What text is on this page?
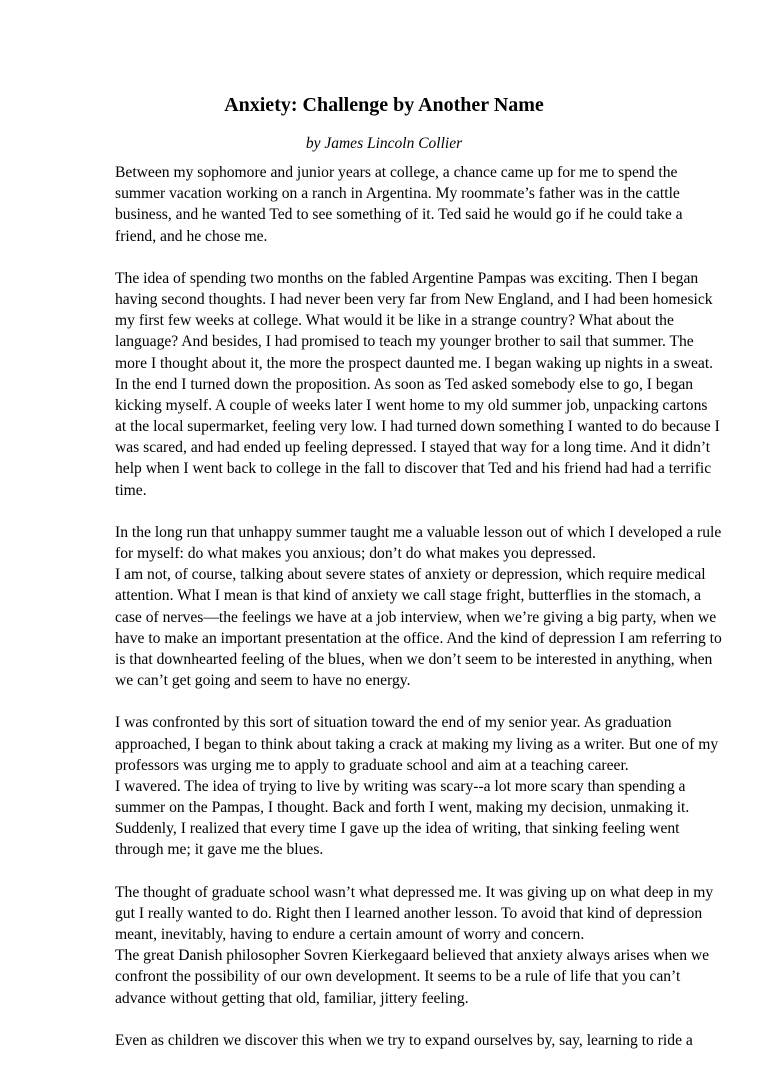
Anxiety: Challenge by Another Name

by James Lincoln Collier

Between my sophomore and junior years at college, a chance came up for me to spend the
summer vacation working on a ranch in Argentina. My roommate’s father was in the cattle
business, and he wanted Ted to see something of it. Ted said he would go if he could take a
friend, and he chose me.
The idea of spending two months on the fabled Argentine Pampas was exciting. Then I began
having second thoughts. I had never been very far from New England, and I had been homesick
my first few weeks at college. What would it be like in a strange country? What about the
language? And besides, I had promised to teach my younger brother to sail that summer. The
more I thought about it, the more the prospect daunted me. I began waking up nights in a sweat.
In the end I turned down the proposition. As soon as Ted asked somebody else to go, I began
kicking myself. A couple of weeks later I went home to my old summer job, unpacking cartons
at the local supermarket, feeling very low. I had turned down something I wanted to do because I
was scared, and had ended up feeling depressed. I stayed that way for a long time. And it didn’t
help when I went back to college in the fall to discover that Ted and his friend had had a terrific
time.
In the long run that unhappy summer taught me a valuable lesson out of which I developed a rule
for myself: do what makes you anxious; don’t do what makes you depressed.
I am not, of course, talking about severe states of anxiety or depression, which require medical
attention. What I mean is that kind of anxiety we call stage fright, butterflies in the stomach, a
case of nerves—the feelings we have at a job interview, when we’re giving a big party, when we
have to make an important presentation at the office. And the kind of depression I am referring to
is that downhearted feeling of the blues, when we don’t seem to be interested in anything, when
we can’t get going and seem to have no energy.
I was confronted by this sort of situation toward the end of my senior year. As graduation
approached, I began to think about taking a crack at making my living as a writer. But one of my
professors was urging me to apply to graduate school and aim at a teaching career.
I wavered. The idea of trying to live by writing was scary--a lot more scary than spending a
summer on the Pampas, I thought. Back and forth I went, making my decision, unmaking it.
Suddenly, I realized that every time I gave up the idea of writing, that sinking feeling went
through me; it gave me the blues.
The thought of graduate school wasn’t what depressed me. It was giving up on what deep in my
gut I really wanted to do. Right then I learned another lesson. To avoid that kind of depression
meant, inevitably, having to endure a certain amount of worry and concern.
The great Danish philosopher Sovren Kierkegaard believed that anxiety always arises when we
confront the possibility of our own development. It seems to be a rule of life that you can’t
advance without getting that old, familiar, jittery feeling.
Even as children we discover this when we try to expand ourselves by, say, learning to ride a
